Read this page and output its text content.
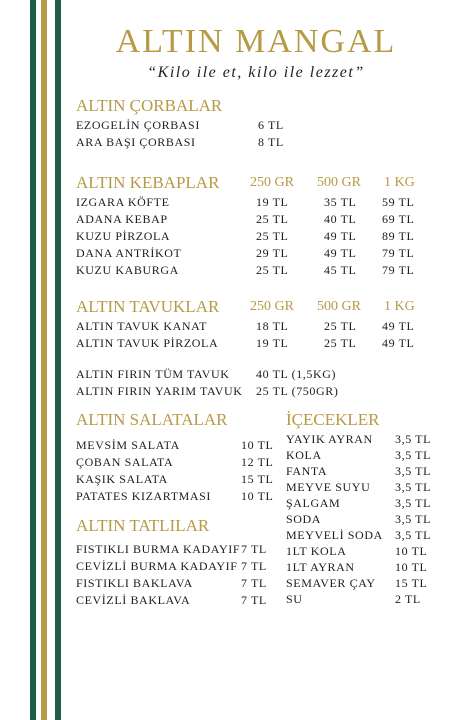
ALTIN MANGAL
“Kilo ile et, kilo ile lezzet”
ALTIN ÇORBALAR
EZOGELİN ÇORBASI	6 TL
ARA BAŞI ÇORBASI	8 TL
ALTIN KEBAPLAR 250 GR 500 GR 1 KG
IZGARA KÖFTE	19 TL	35 TL 59 TL
ADANA KEBAP	25 TL	40 TL 69 TL
KUZU PİRZOLA	25 TL	49 TL 89 TL
DANA ANTRİKOT	29 TL	49 TL 79 TL
KUZU KABURGA	25 TL	45 TL 79 TL
ALTIN TAVUKLAR 250 GR 500 GR 1 KG
ALTIN TAVUK KANAT	18 TL	25 TL 49 TL
ALTIN TAVUK PİRZOLA	19 TL	25 TL 49 TL
ALTIN FIRIN TÜM TAVUK 40 TL (1,5KG)
ALTIN FIRIN YARIM TAVUK 25 TL (750GR)
ALTIN SALATALAR
MEVSİM SALATA	10 TL
ÇOBAN SALATA	12 TL
KAŞIK SALATA	15 TL
PATATES KIZARTMASI 10 TL
ALTIN TATLILAR
FISTIKLI BURMA KADAYIF 7 TL
CEVİZLİ BURMA KADAYIF 7 TL
FISTIKLI BAKLAVA	7 TL
CEVİZLİ BAKLAVA	7 TL
İÇECEKLER
YAYIK AYRAN 3,5 TL
KOLA	3,5 TL
FANTA	3,5 TL
MEYVE SUYU 3,5 TL
ŞALGAM	3,5 TL
SODA	3,5 TL
MEYVELİ SODA 3,5 TL
1LT KOLA	10 TL
1LT AYRAN	10 TL
SEMAVER ÇAY 15 TL
SU	2 TL
